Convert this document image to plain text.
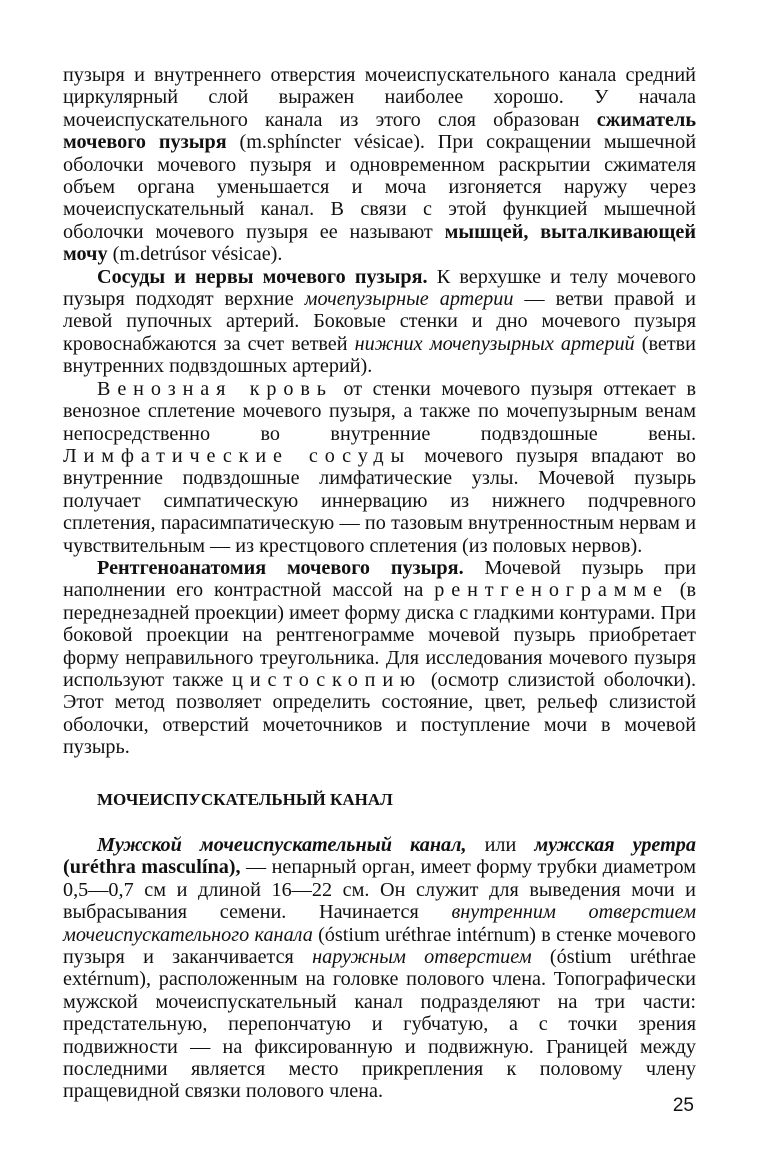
пузыря и внутреннего отверстия мочеиспускательного канала средний циркулярный слой выражен наиболее хорошо. У начала мочеиспускательного канала из этого слоя образован сжиматель мочевого пузыря (m.sphíncter vésicae). При сокращении мышечной оболочки мочевого пузыря и одновременном раскрытии сжимателя объем органа уменьшается и моча изгоняется наружу через мочеиспускательный канал. В связи с этой функцией мышечной оболочки мочевого пузыря ее называют мышцей, выталкивающей мочу (m.detrúsor vésicae).

Сосуды и нервы мочевого пузыря. К верхушке и телу мочевого пузыря подходят верхние мочепузырные артерии — ветви правой и левой пупочных артерий. Боковые стенки и дно мочевого пузыря кровоснабжаются за счет ветвей нижних мочепузырных артерий (ветви внутренних подвздошных артерий).

Венозная кровь от стенки мочевого пузыря оттекает в венозное сплетение мочевого пузыря, а также по мочепузырным венам непосредственно во внутренние подвздошные вены. Лимфатические сосуды мочевого пузыря впадают во внутренние подвздошные лимфатические узлы. Мочевой пузырь получает симпатическую иннервацию из нижнего подчревного сплетения, парасимпатическую — по тазовым внутренностным нервам и чувствительным — из крестцового сплетения (из половых нервов).

Рентгеноанатомия мочевого пузыря. Мочевой пузырь при наполнении его контрастной массой на рентгенограмме (в переднезадней проекции) имеет форму диска с гладкими контурами. При боковой проекции на рентгенограмме мочевой пузырь приобретает форму неправильного треугольника. Для исследования мочевого пузыря используют также цистоскопию (осмотр слизистой оболочки). Этот метод позволяет определить состояние, цвет, рельеф слизистой оболочки, отверстий мочеточников и поступление мочи в мочевой пузырь.

МОЧЕИСПУСКАТЕЛЬНЫЙ КАНАЛ

Мужской мочеиспускательный канал, или мужская уретра (uréthra masculína), — непарный орган, имеет форму трубки диаметром 0,5—0,7 см и длиной 16—22 см. Он служит для выведения мочи и выбрасывания семени. Начинается внутренним отверстием мочеиспускательного канала (óstium uréthrae intérnum) в стенке мочевого пузыря и заканчивается наружным отверстием (óstium uréthrae extérnum), расположенным на головке полового члена. Топографически мужской мочеиспускательный канал подразделяют на три части: предстательную, перепончатую и губчатую, а с точки зрения подвижности — на фиксированную и подвижную. Границей между последними является место прикрепления к половому члену пращевидной связки полового члена.

25
